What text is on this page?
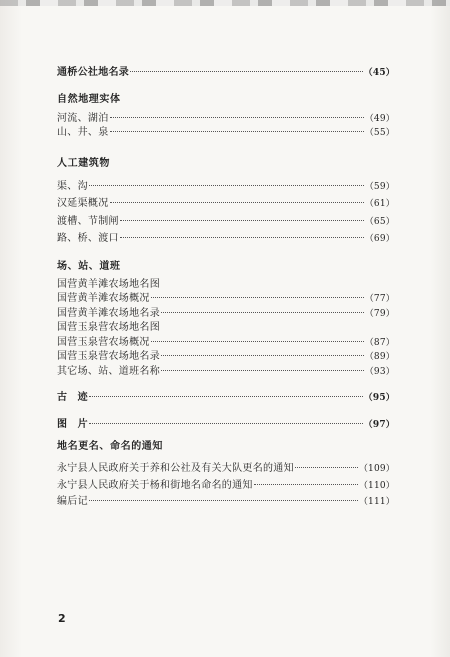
通桥公社地名录	（45）
自然地理实体
河流、湖泊	（49）
山、井、泉	（55）
人工建筑物
渠、沟	（59）
汉延渠概况	（61）
渡槽、节制闸	（65）
路、桥、渡口	（69）
场、站、道班
国营黄羊滩农场地名图
国营黄羊滩农场概况	（77）
国营黄羊滩农场地名录	（79）
国营玉泉营农场地名图
国营玉泉营农场概况	（87）
国营玉泉营农场地名录	（89）
其它场、站、道班名称	（93）
古　迹	（95）
图　片	（97）
地名更名、命名的通知
永宁县人民政府关于养和公社及有关大队更名的通知	（109）
永宁县人民政府关于杨和街地名命名的通知	（110）
编后记	（111）
2
